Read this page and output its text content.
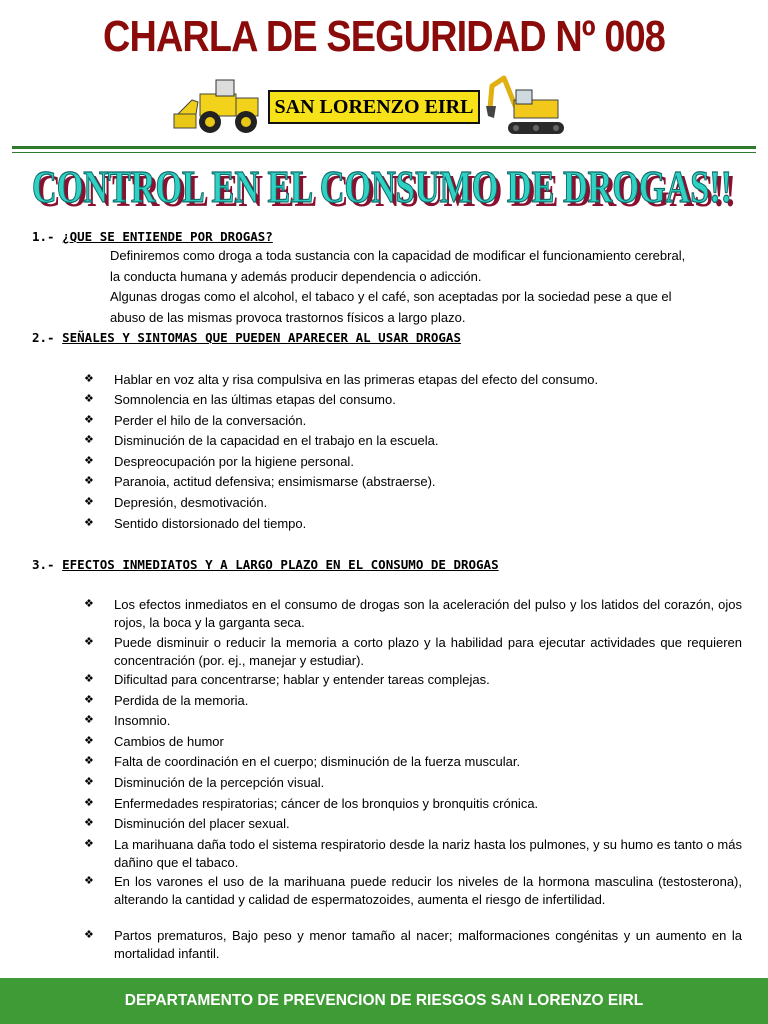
CHARLA DE SEGURIDAD Nº 008
SAN LORENZO EIRL
CONTROL EN EL CONSUMO DE DROGAS!!
CONTROL EN EL CONSUMO DE DROGAS!!
1.- ¿QUE SE ENTIENDE POR DROGAS?
Definiremos como droga a toda sustancia con la capacidad de modificar el funcionamiento cerebral,
la conducta humana y además producir dependencia o adicción.
Algunas drogas como el alcohol, el tabaco y el café, son aceptadas por la sociedad pese a que el
abuso de las mismas provoca trastornos físicos a largo plazo.
2.- SEÑALES Y SINTOMAS QUE PUEDEN APARECER AL USAR DROGAS
❖ Hablar en voz alta y risa compulsiva en las primeras etapas del efecto del consumo.
❖ Somnolencia en las últimas etapas del consumo.
❖ Perder el hilo de la conversación.
❖ Disminución de la capacidad en el trabajo en la escuela.
❖ Despreocupación por la higiene personal.
❖ Paranoia, actitud defensiva; ensimismarse (abstraerse).
❖ Depresión, desmotivación.
❖ Sentido distorsionado del tiempo.
3.- EFECTOS INMEDIATOS Y A LARGO PLAZO EN EL CONSUMO DE DROGAS
❖ Los efectos inmediatos en el consumo de drogas son la aceleración del pulso y los latidos del corazón, ojos rojos, la boca y la garganta seca.
❖ Puede disminuir o reducir la memoria a corto plazo y la habilidad para ejecutar actividades que requieren concentración (por. ej., manejar y estudiar).
❖ Dificultad para concentrarse; hablar y entender tareas complejas.
❖ Perdida de la memoria.
❖ Insomnio.
❖ Cambios de humor
❖ Falta de coordinación en el cuerpo; disminución de la fuerza muscular.
❖ Disminución de la percepción visual.
❖ Enfermedades respiratorias; cáncer de los bronquios y bronquitis crónica.
❖ Disminución del placer sexual.
❖ La marihuana daña todo el sistema respiratorio desde la nariz hasta los pulmones, y su humo es tanto o más dañino que el tabaco.
❖ En los varones el uso de la marihuana puede reducir los niveles de la hormona masculina (testosterona), alterando la cantidad y calidad de espermatozoides, aumenta el riesgo de infertilidad.
❖ Partos prematuros, Bajo peso y menor tamaño al nacer; malformaciones congénitas y un aumento en la mortalidad infantil.
DEPARTAMENTO DE PREVENCION DE RIESGOS SAN LORENZO EIRL
